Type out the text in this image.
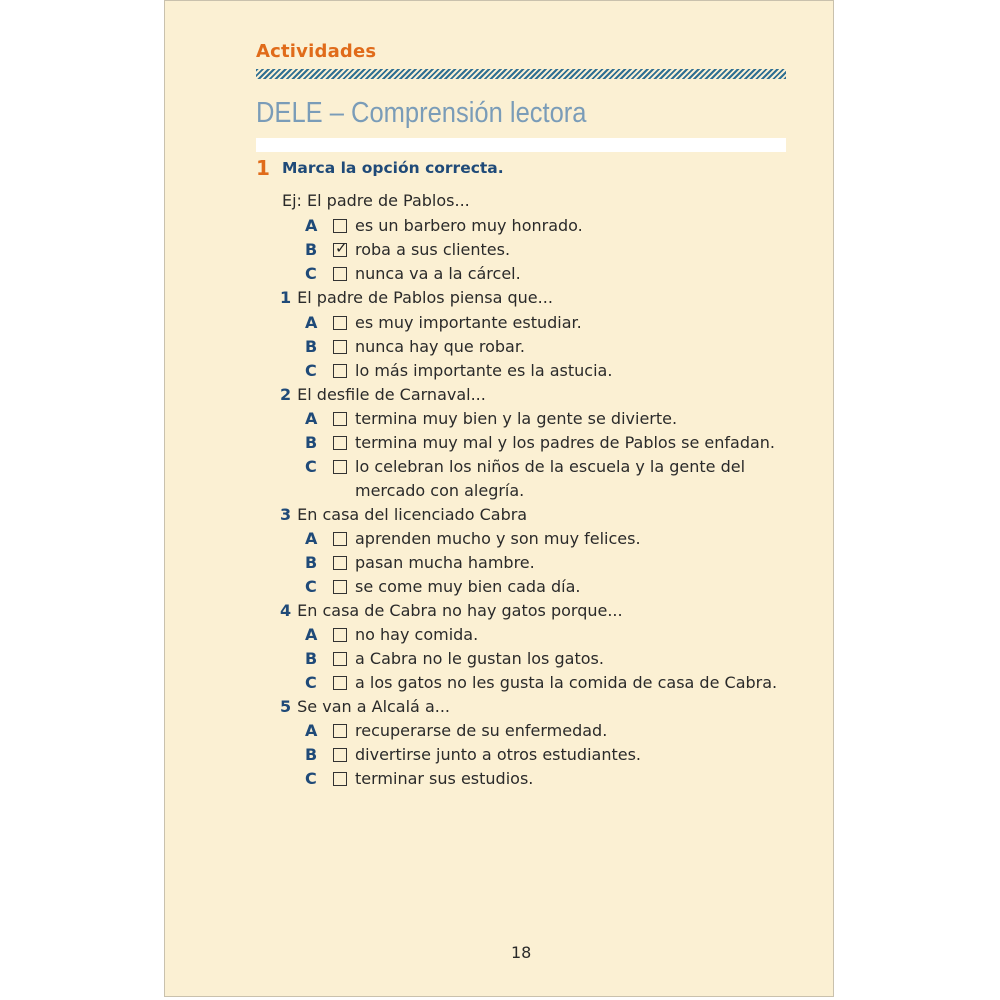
Actividades
DELE – Comprensión lectora
1 Marca la opción correcta.
Ej: El padre de Pablos...
A es un barbero muy honrado.
B ✓ roba a sus clientes.
C nunca va a la cárcel.
1 El padre de Pablos piensa que...
A es muy importante estudiar.
B nunca hay que robar.
C lo más importante es la astucia.
2 El desfile de Carnaval...
A termina muy bien y la gente se divierte.
B termina muy mal y los padres de Pablos se enfadan.
C lo celebran los niños de la escuela y la gente del
mercado con alegría.
3 En casa del licenciado Cabra
A aprenden mucho y son muy felices.
B pasan mucha hambre.
C se come muy bien cada día.
4 En casa de Cabra no hay gatos porque...
A no hay comida.
B a Cabra no le gustan los gatos.
C a los gatos no les gusta la comida de casa de Cabra.
5 Se van a Alcalá a...
A recuperarse de su enfermedad.
B divertirse junto a otros estudiantes.
C terminar sus estudios.
18
